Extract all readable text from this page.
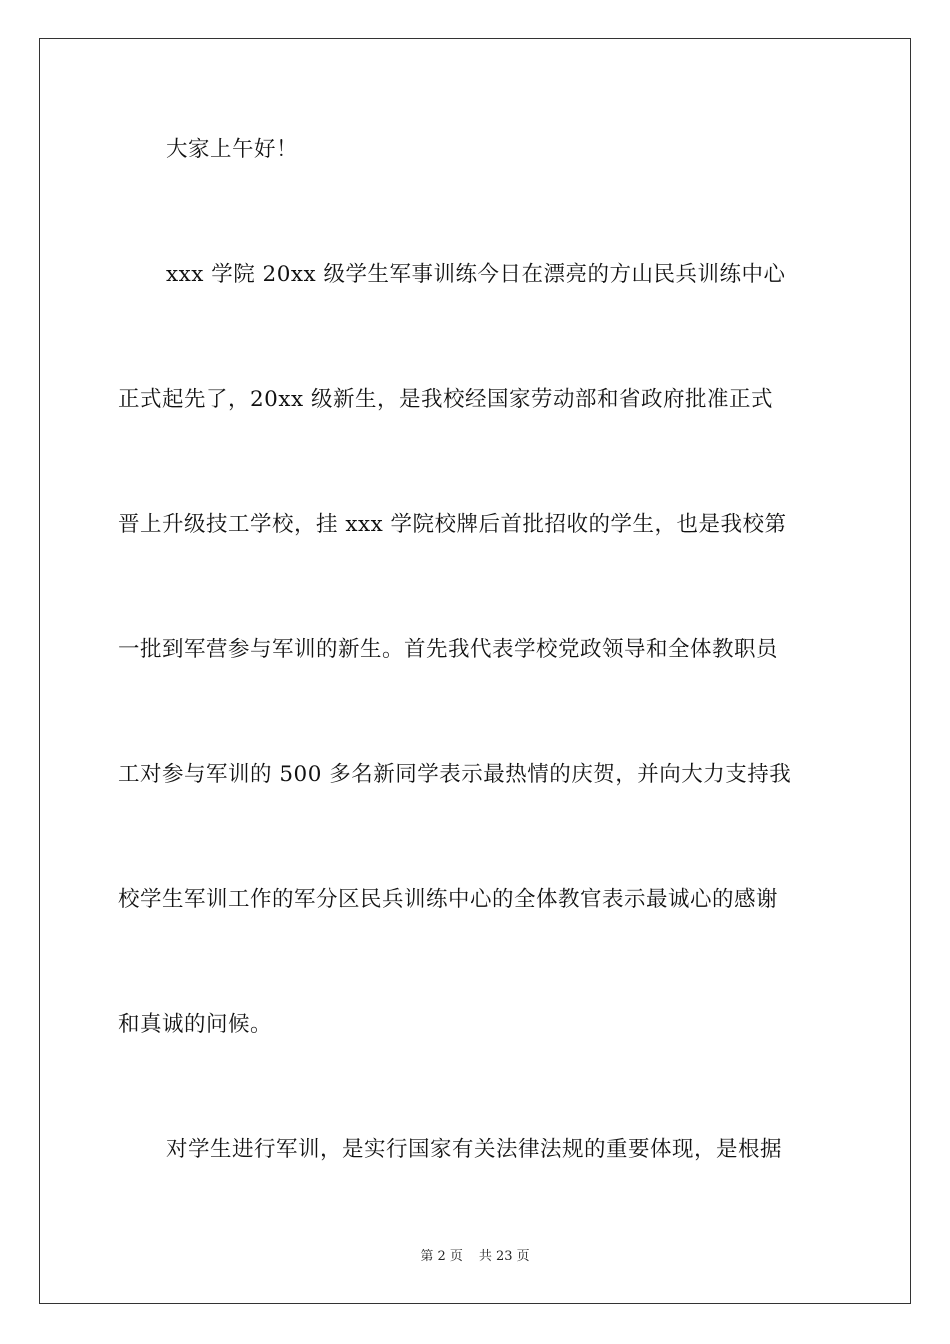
大家上午好！
xxx 学院 20xx 级学生军事训练今日在漂亮的方山民兵训练中心
正式起先了，20xx 级新生，是我校经国家劳动部和省政府批准正式
晋上升级技工学校，挂 xxx 学院校牌后首批招收的学生，也是我校第
一批到军营参与军训的新生。首先我代表学校党政领导和全体教职员
工对参与军训的 500 多名新同学表示最热情的庆贺，并向大力支持我
校学生军训工作的军分区民兵训练中心的全体教官表示最诚心的感谢
和真诚的问候。
对学生进行军训，是实行国家有关法律法规的重要体现，是根据
第 2 页 共 23 页
